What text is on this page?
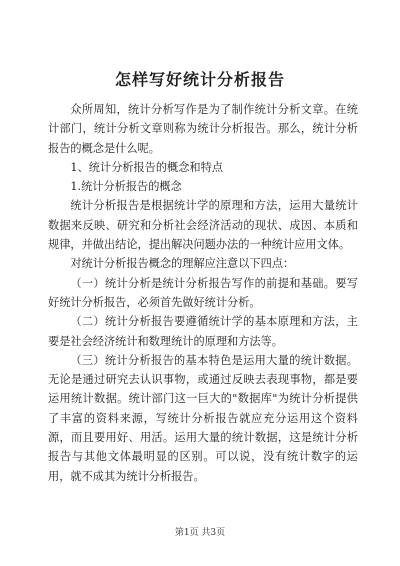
怎样写好统计分析报告

众所周知，统计分析写作是为了制作统计分析文章。在统计部门，统计分析文章则称为统计分析报告。那么，统计分析报告的概念是什么呢。

1、统计分析报告的概念和特点

1.统计分析报告的概念

统计分析报告是根据统计学的原理和方法，运用大量统计数据来反映、研究和分析社会经济活动的现状、成因、本质和规律，并做出结论，提出解决问题办法的一种统计应用文体。

对统计分析报告概念的理解应注意以下四点：

（一）统计分析是统计分析报告写作的前提和基础。要写好统计分析报告，必须首先做好统计分析。

（二）统计分析报告要遵循统计学的基本原理和方法，主要是社会经济统计和数理统计的原理和方法等。

（三）统计分析报告的基本特色是运用大量的统计数据。无论是通过研究去认识事物，或通过反映去表现事物，都是要运用统计数据。统计部门这一巨大的"数据库"为统计分析提供了丰富的资料来源，写统计分析报告就应充分运用这个资料源，而且要用好、用活。运用大量的统计数据，这是统计分析报告与其他文体最明显的区别。可以说，没有统计数字的运用，就不成其为统计分析报告。

第1页 共3页
